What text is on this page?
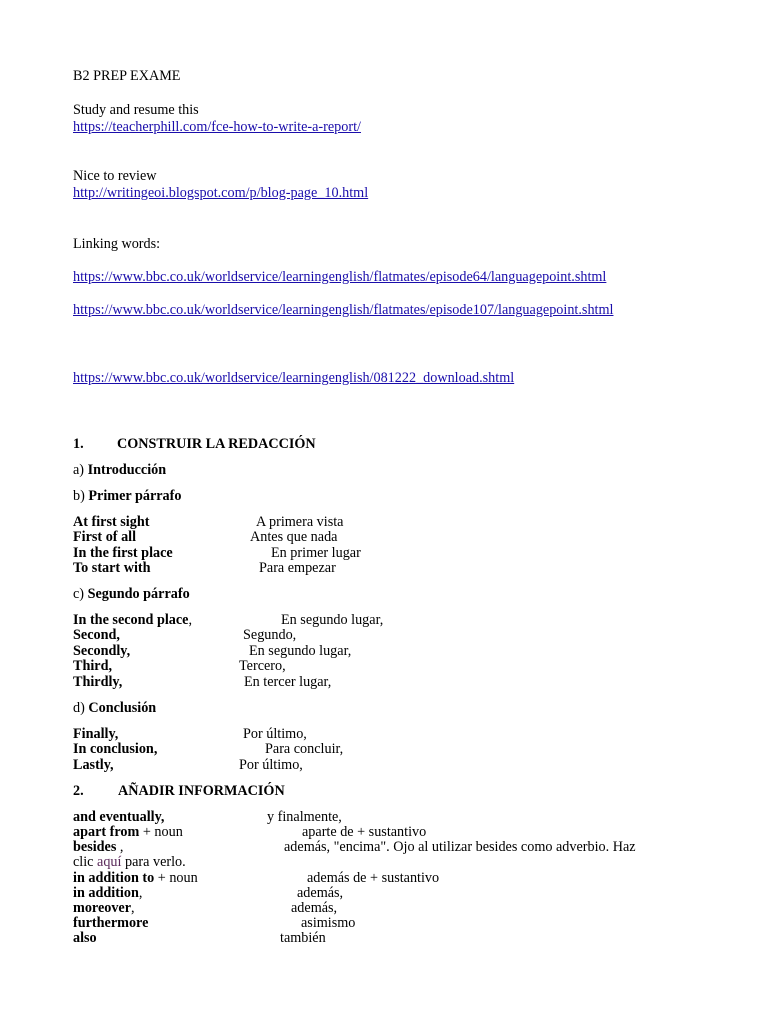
B2 PREP EXAME
Study and resume this
https://teacherphill.com/fce-how-to-write-a-report/
Nice to review
http://writingeoi.blogspot.com/p/blog-page_10.html
Linking words:
https://www.bbc.co.uk/worldservice/learningenglish/flatmates/episode64/languagepoint.shtml
https://www.bbc.co.uk/worldservice/learningenglish/flatmates/episode107/languagepoint.shtml
https://www.bbc.co.uk/worldservice/learningenglish/081222_download.shtml
1. CONSTRUIR LA REDACCIÓN
a) Introducción
b) Primer párrafo
At first sight	A primera vista
First of all	Antes que nada
In the first place	En primer lugar
To start with	Para empezar
c) Segundo párrafo
In the second place,	En segundo lugar,
Second,	Segundo,
Secondly,	En segundo lugar,
Third,	Tercero,
Thirdly,	En tercer lugar,
d) Conclusión
Finally,	Por último,
In conclusion,	Para concluir,
Lastly,	Por último,
2. AÑADIR INFORMACIÓN
and eventually,	y finalmente,
apart from + noun	aparte de + sustantivo
besides ,	además, "encima". Ojo al utilizar besides como adverbio. Haz
clic aquí para verlo.
in addition to + noun	además de + sustantivo
in addition,	además,
moreover,	además,
furthermore	asimismo
also	también
